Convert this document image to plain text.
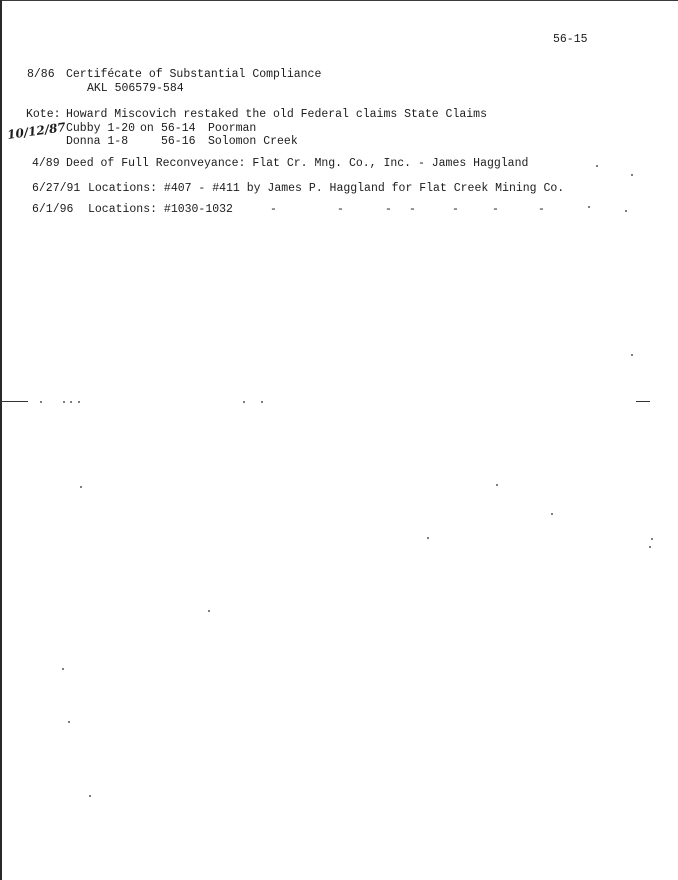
56-15
8/86 Certifécate of Substantial Compliance
AKL 506579-584
Kote: Howard Miscovich restaked the old Federal claims State Claims
10/12/87 Cubby 1-20 on 56-14 Poorman
Donna 1-8	56-16 Solomon Creek
4/89 Deed of Full Reconveyance: Flat Cr. Mng. Co., Inc. - James Haggland
6/27/91 Locations: #407 - #411 by James P. Haggland for Flat Creek Mining Co.
6/1/96 Locations: #1030-1032	-	-	- -	-	-	-
